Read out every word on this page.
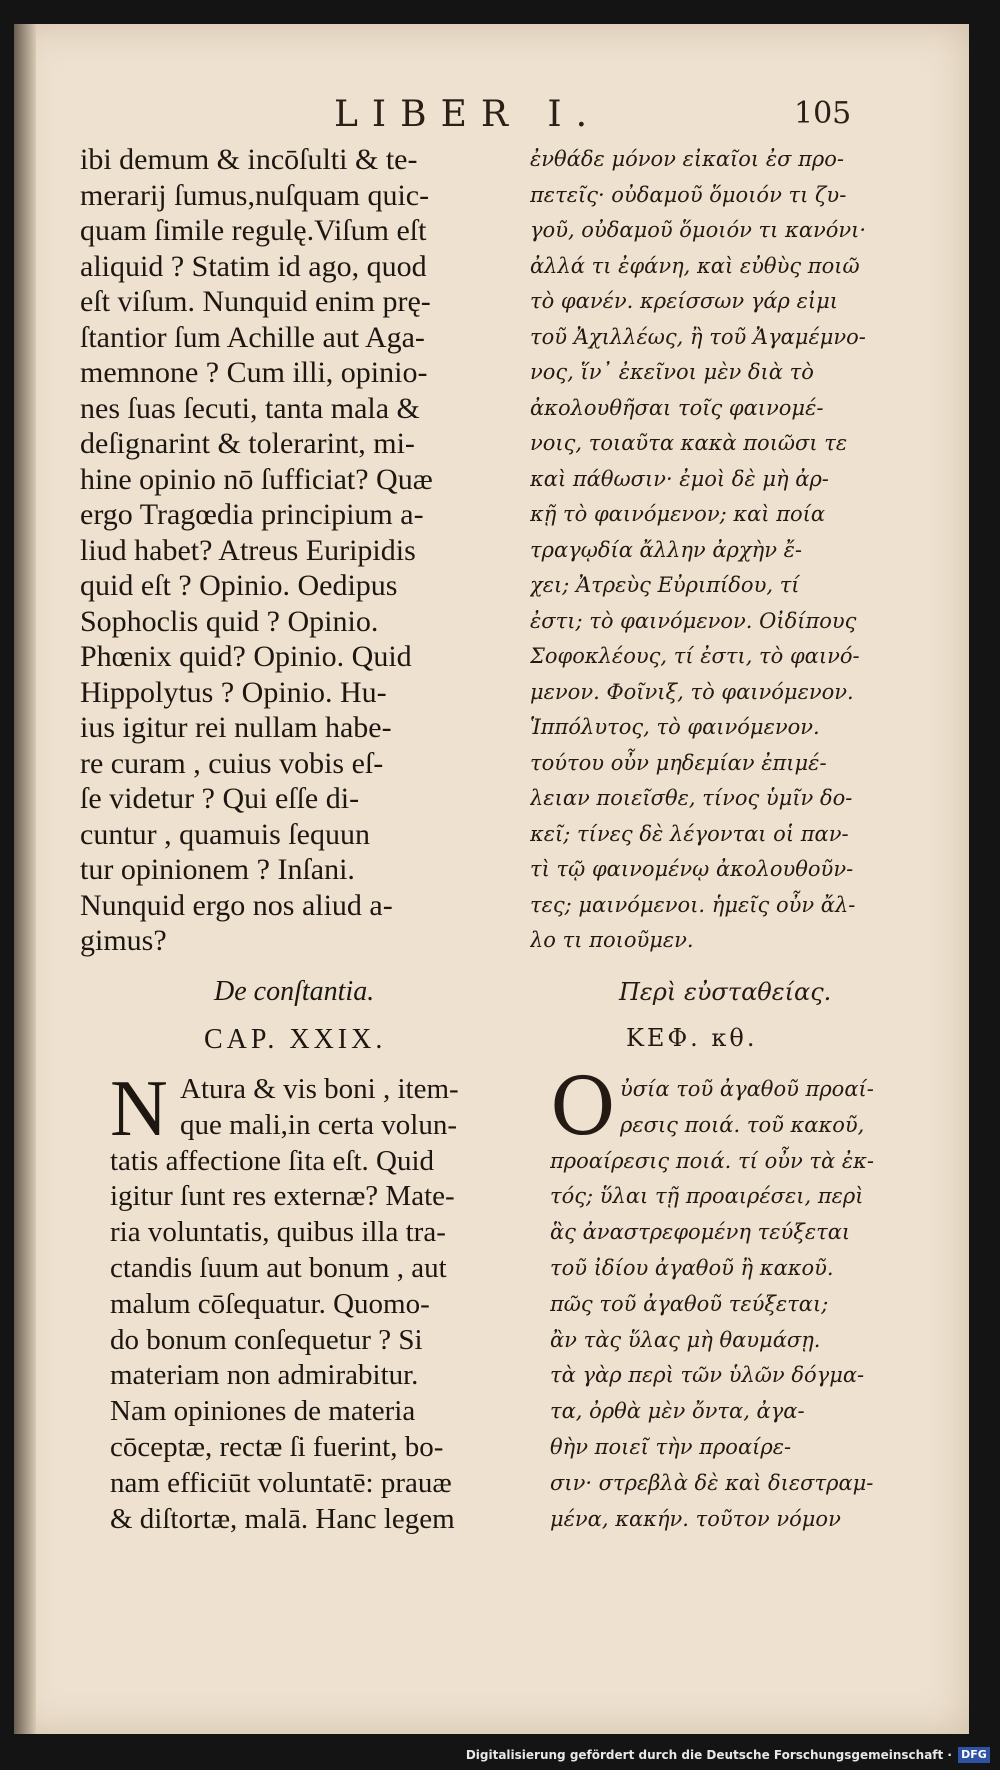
LIBER I.	105
ibi demum & incōſulti & te-
merarij ſumus,nuſquam quic-
quam ſimile regulę.Viſum eſt
aliquid ? Statim id ago, quod
eſt viſum. Nunquid enim prę-
ſtantior ſum Achille aut Aga-
memnone ? Cum illi, opinio-
nes ſuas ſecuti, tanta mala &
deſignarint & tolerarint, mi-
hine opinio nō ſufficiat? Quæ
ergo Tragœdia principium a-
liud habet? Atreus Euripidis
quid eſt ? Opinio. Oedipus
Sophoclis quid ? Opinio.
Phœnix quid? Opinio. Quid
Hippolytus ? Opinio. Hu-
ius igitur rei nullam habe-
re curam , cuius vobis eſ-
ſe videtur ? Qui eſſe di-
cuntur , quamuis ſequun
tur opinionem ? Inſani.
Nunquid ergo nos aliud a-
gimus?
ἐνθάδε μόνον εἰκαῖοι ἐσ προ-
πετεῖς· οὐδαμοῦ ὅμοιόν τι ζυ-
γοῦ, οὐδαμοῦ ὅμοιόν τι κανόνι·
ἀλλά τι ἐφάνη, καὶ εὐθὺς ποιῶ
τὸ φανέν. κρείσσων γάρ εἰμι
τοῦ Ἀχιλλέως, ἢ τοῦ Ἀγαμέμνο-
νος, ἵν᾽ ἐκεῖνοι μὲν διὰ τὸ
ἀκολουθῆσαι τοῖς φαινομέ-
νοις, τοιαῦτα κακὰ ποιῶσι τε
καὶ πάθωσιν· ἐμοὶ δὲ μὴ ἀρ-
κῇ τὸ φαινόμενον; καὶ ποία
τραγῳδία ἄλλην ἀρχὴν ἔ-
χει; Ἀτρεὺς Εὐριπίδου, τί
ἐστι; τὸ φαινόμενον. Οἰδίπους
Σοφοκλέους, τί ἐστι, τὸ φαινό-
μενον. Φοῖνιξ, τὸ φαινόμενον.
Ἱππόλυτος, τὸ φαινόμενον.
τούτου οὖν μηδεμίαν ἐπιμέ-
λειαν ποιεῖσθε, τίνος ὑμῖν δο-
κεῖ; τίνες δὲ λέγονται οἱ παν-
τὶ τῷ φαινομένῳ ἀκολουθοῦν-
τες; μαινόμενοι. ἡμεῖς οὖν ἄλ-
λο τι ποιοῦμεν.
De conſtantia.
CAP. XXIX.
Περὶ εὐσταθείας.
ΚΕΦ. κθ.
N Atura & vis boni , item-
que mali,in certa volun-
tatis affectione ſita eſt. Quid
igitur ſunt res externæ? Mate-
ria voluntatis, quibus illa tra-
ctandis ſuum aut bonum , aut
malum cōſequatur. Quomo-
do bonum conſequetur ? Si
materiam non admirabitur.
Nam opiniones de materia
cōceptæ, rectæ ſi fuerint, bo-
nam efficiūt voluntatē: prauæ
& diſtortæ, malā. Hanc legem
Ο ὐσία τοῦ ἀγαθοῦ προαί-
ρεσις ποιά. τοῦ κακοῦ,
προαίρεσις ποιά. τί οὖν τὰ ἐκ-
τός; ὕλαι τῇ προαιρέσει, περὶ
ἃς ἀναστρεφομένη τεύξεται
τοῦ ἰδίου ἀγαθοῦ ἢ κακοῦ.
πῶς τοῦ ἀγαθοῦ τεύξεται;
ἂν τὰς ὕλας μὴ θαυμάσῃ.
τὰ γὰρ περὶ τῶν ὑλῶν δόγμα-
τα, ὀρθὰ μὲν ὄντα, ἀγα-
θὴν ποιεῖ τὴν προαίρε-
σιν· στρεβλὰ δὲ καὶ διεστραμ-
μένα, κακήν. τοῦτον νόμον
Digitalisierung gefördert durch die Deutsche Forschungsgemeinschaft · DFG
